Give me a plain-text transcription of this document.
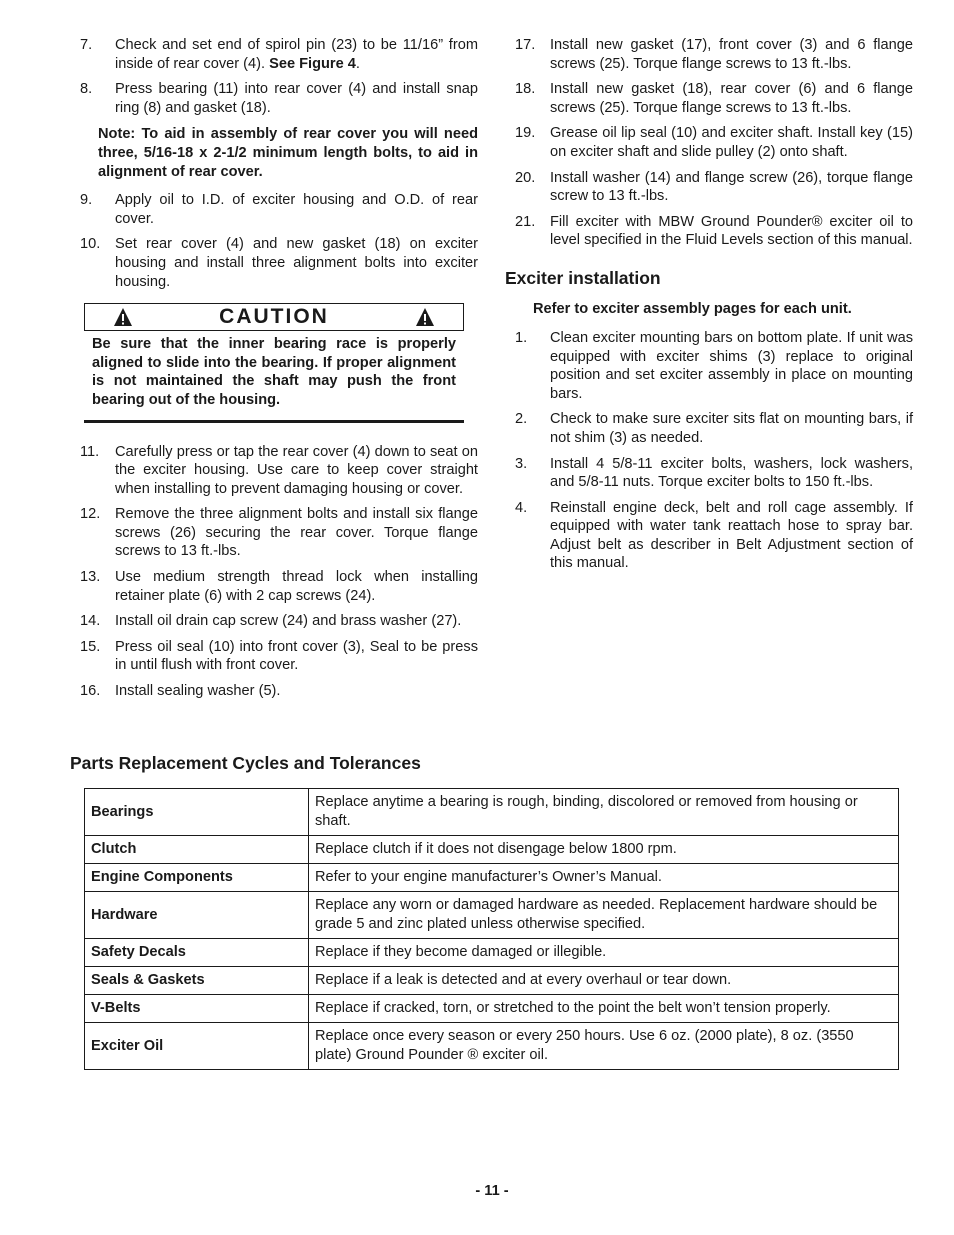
7.	Check and set end of spirol pin (23) to be 11/16” from inside of rear cover (4). See Figure 4.
8.	Press bearing (11) into rear cover (4) and install snap ring (8) and gasket (18).
Note: To aid in assembly of rear cover you will need three, 5/16-18 x 2-1/2 minimum length bolts, to aid in alignment of rear cover.
9.	Apply oil to I.D. of exciter housing and O.D. of rear cover.
10.	Set rear cover (4) and new gasket (18) on exciter housing and install three alignment bolts into exciter housing.
CAUTION
Be sure that the inner bearing race is properly aligned to slide into the bearing. If proper alignment is not maintained the shaft may push the front bearing out of the housing.
11.	Carefully press or tap the rear cover (4) down to seat on the exciter housing. Use care to keep cover straight when installing to prevent damaging housing or cover.
12.	Remove the three alignment bolts and install six flange screws (26) securing the rear cover. Torque flange screws to 13 ft.-lbs.
13.	Use medium strength thread lock when installing retainer plate (6) with 2 cap screws (24).
14.	Install oil drain cap screw (24) and brass washer (27).
15.	Press oil seal (10) into front cover (3), Seal to be press in until flush with front cover.
16.	Install sealing washer (5).
17.	Install new gasket (17), front cover (3) and 6 flange screws (25). Torque flange screws to 13 ft.-lbs.
18.	Install new gasket (18), rear cover (6) and 6 flange screws (25). Torque flange screws to 13 ft.-lbs.
19.	Grease oil lip seal (10) and exciter shaft. Install key (15) on exciter shaft and slide pulley (2) onto shaft.
20.	Install washer (14) and flange screw (26), torque flange screw to 13 ft.-lbs.
21.	Fill exciter with MBW Ground Pounder® exciter oil to level specified in the Fluid Levels section of this manual.
Exciter installation
Refer to exciter assembly pages for each unit.
1.	Clean exciter mounting bars on bottom plate. If unit was equipped with exciter shims (3) replace to original position and set exciter assembly in place on mounting bars.
2.	Check to make sure exciter sits flat on mounting bars, if not shim (3) as needed.
3.	Install 4 5/8-11 exciter bolts, washers, lock washers, and 5/8-11 nuts. Torque exciter bolts to 150 ft.-lbs.
4.	Reinstall engine deck, belt and roll cage assembly. If equipped with water tank reattach hose to spray bar. Adjust belt as describer in Belt Adjustment section of this manual.
Parts Replacement Cycles and Tolerances
Bearings	Replace anytime a bearing is rough, binding, discolored or removed from housing or shaft.
Clutch	Replace clutch if it does not disengage below 1800 rpm.
Engine Components	Refer to your engine manufacturer’s Owner’s Manual.
Hardware	Replace any worn or damaged hardware as needed. Replacement hardware should be grade 5 and zinc plated unless otherwise specified.
Safety Decals	Replace if they become damaged or illegible.
Seals & Gaskets	Replace if a leak is detected and at every overhaul or tear down.
V-Belts	Replace if cracked, torn, or stretched to the point the belt won’t tension properly.
Exciter Oil	Replace once every season or every 250 hours. Use 6 oz. (2000 plate), 8 oz. (3550 plate) Ground Pounder ® exciter oil.
- 11 -
